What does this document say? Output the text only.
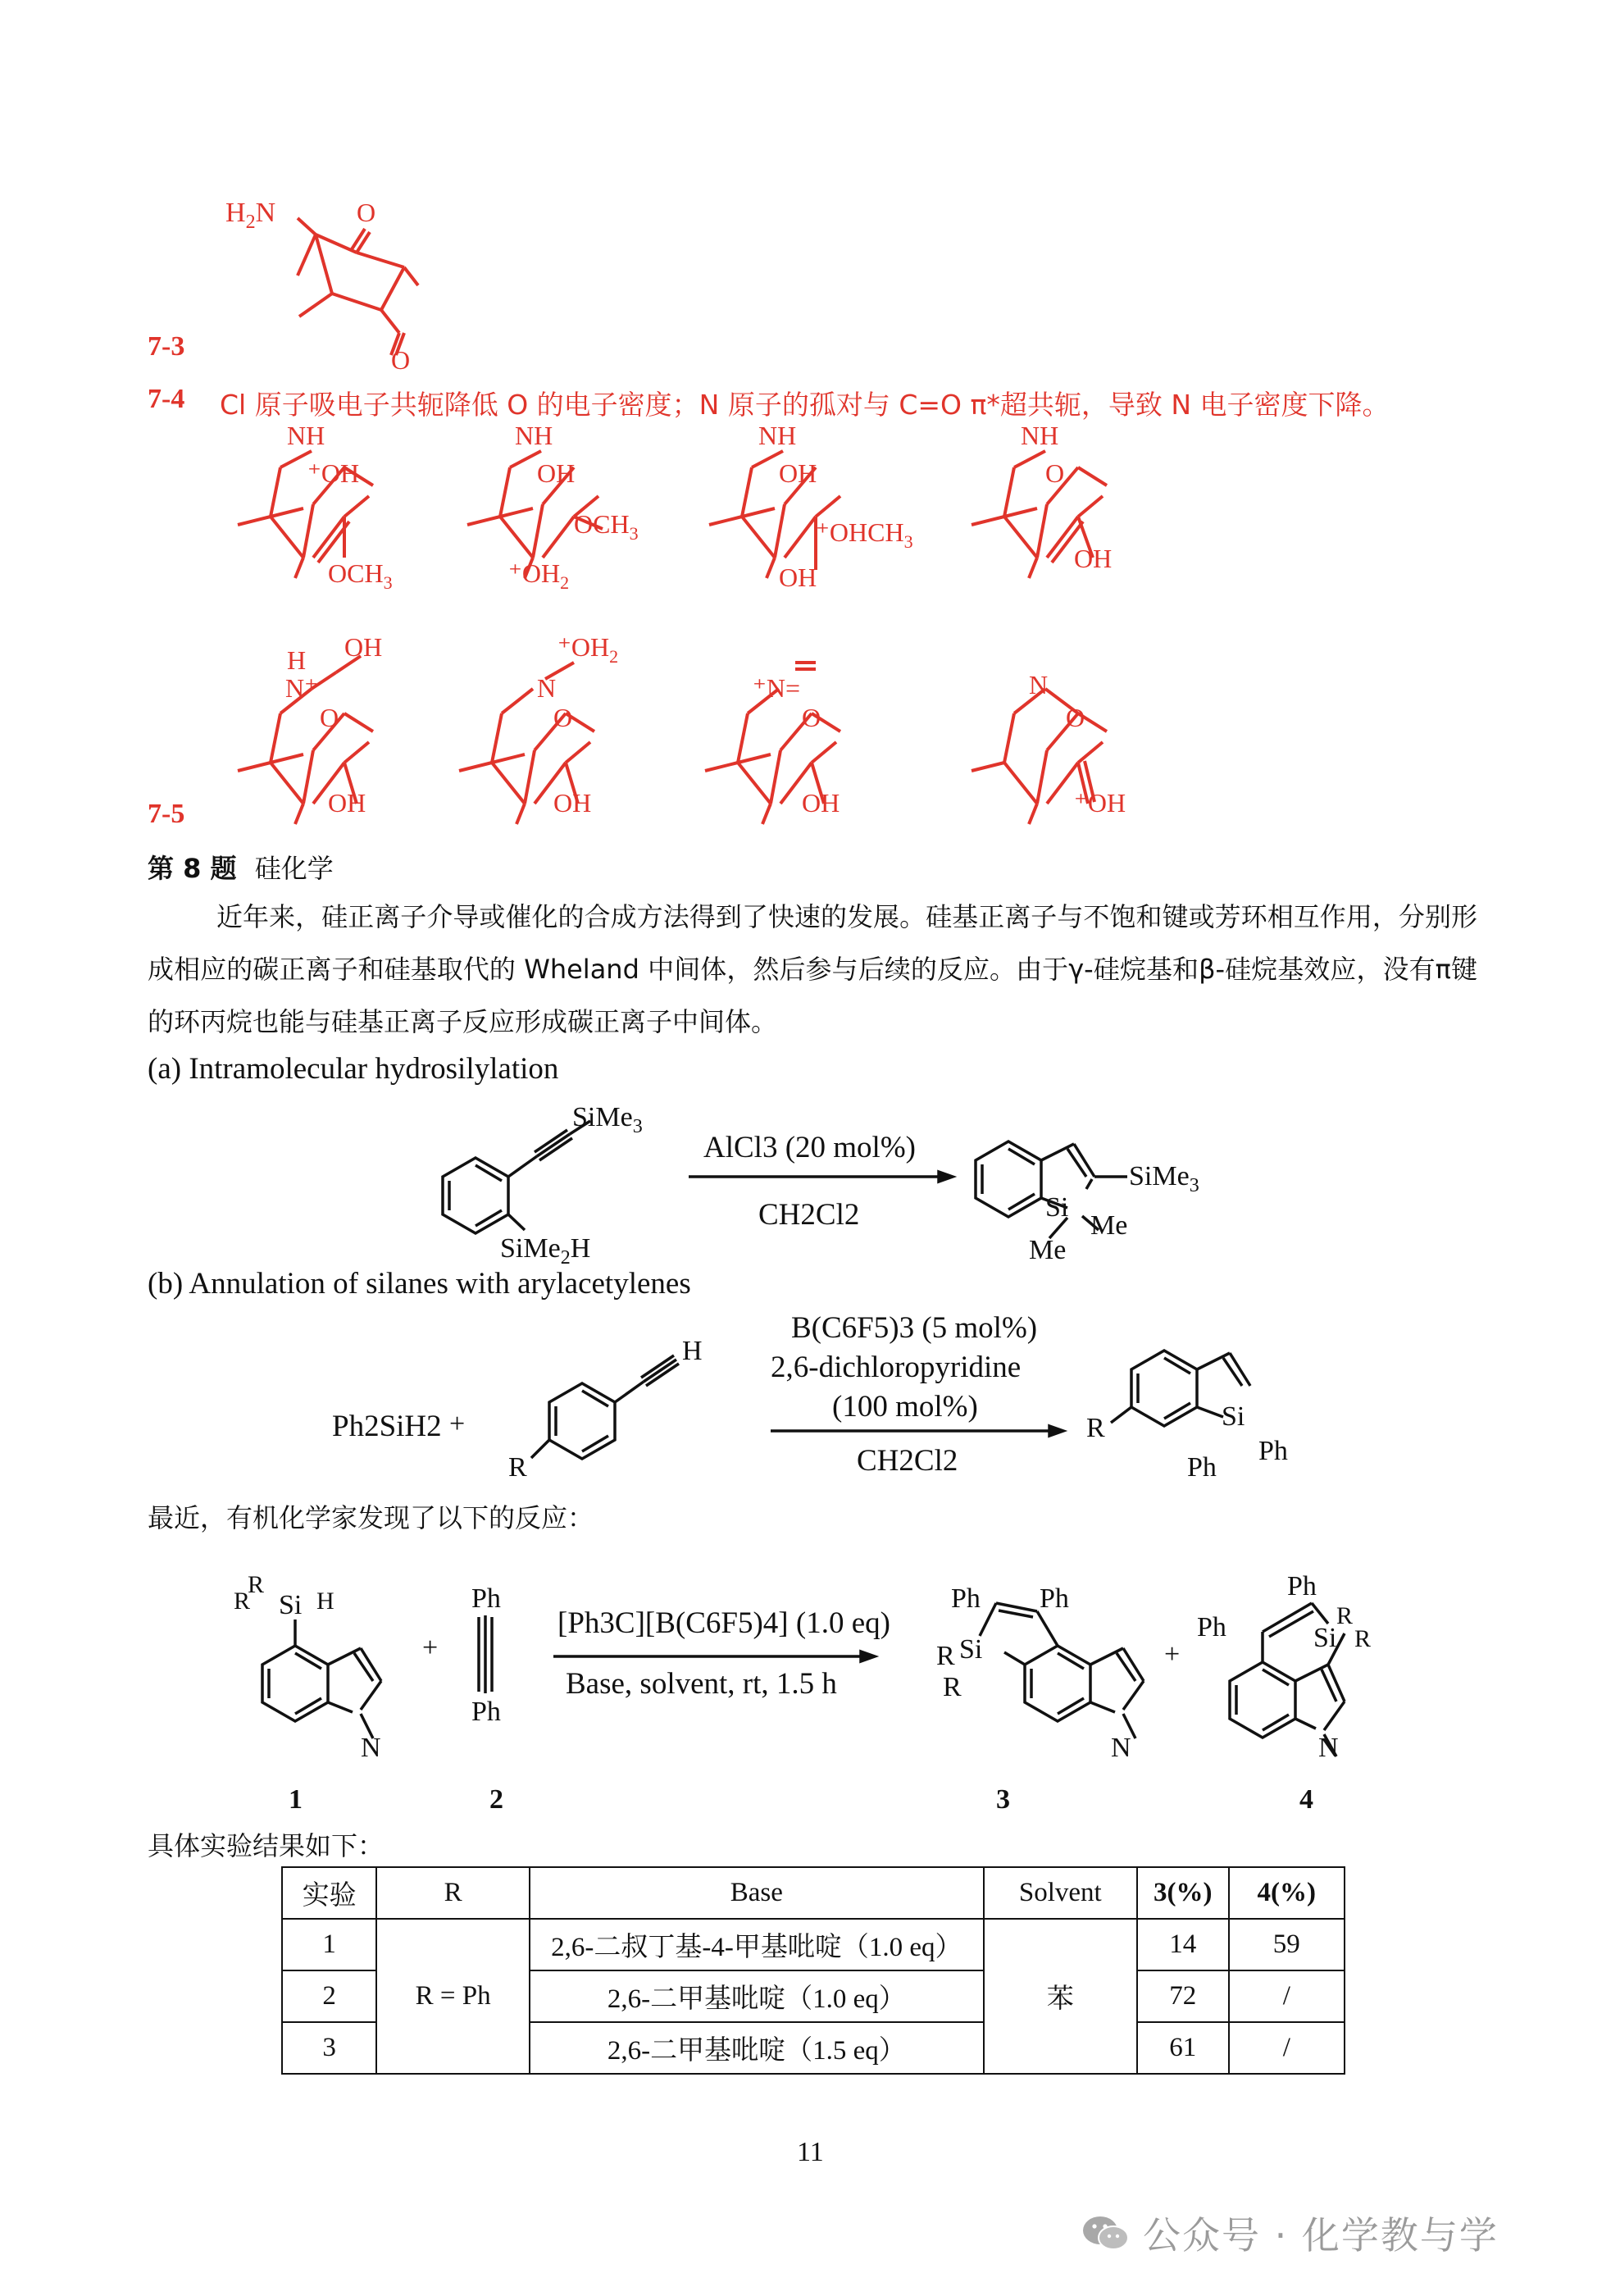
$H_2N$	O
O
7-3
7-4 Cl 原子吸电子共轭降低 O 的电子密度；N 原子的孤对与 C=O π*超共轭，导致 N 电子密度下降。
NH
⁺OH
$OCH_3$
NH
OH
$OCH_3$
$^+OH_2$
NH
OH
$^+OHCH_3$
OH
NH
O
OH
H
N⁺
OH
O
OH
N
$^+OH_2$
O
OH
⁺N=
O
OH
N
O
⁺OH
7-5
第 8 题 硅化学
近年来，硅正离子介导或催化的合成方法得到了快速的发展。硅基正离子与不饱和键或芳环相互作用，分别形成相应的碳正离子和硅基取代的 Wheland 中间体，然后参与后续的反应。由于γ-硅烷基和β-硅烷基效应，没有π键的环丙烷也能与硅基正离子反应形成碳正离子中间体。
(a) Intramolecular hydrosilylation
SiMe$_3$
SiMe$_2$H
Si
SiMe$_3$
Me
Me
AlCl3 (20 mol%)
CH2Cl2
(b) Annulation of silanes with arylacetylenes
Ph2SiH2
H
R
R	Si
Ph
Ph
+
B(C6F5)3 (5 mol%)
2,6-dichloropyridine
(100 mol%)
CH2Cl2
最近，有机化学家发现了以下的反应：
R
R Si H
N
Ph
Ph
+
Ph Ph
R Si
R
N
+
Ph
Ph
R
Si R
N
[Ph3C][B(C6F5)4] (1.0 eq)
Base, solvent, rt, 1.5 h
1	2	3	4
具体实验结果如下：
实验	R	Base	Solvent	3(%)	4(%)
1	R = Ph	2,6-二叔丁基-4-甲基吡啶（1.0 eq）	苯	14	59
2		2,6-二甲基吡啶（1.0 eq）		72	/
3		2,6-二甲基吡啶（1.5 eq）		61	/
11
公众号 · 化学教与学
